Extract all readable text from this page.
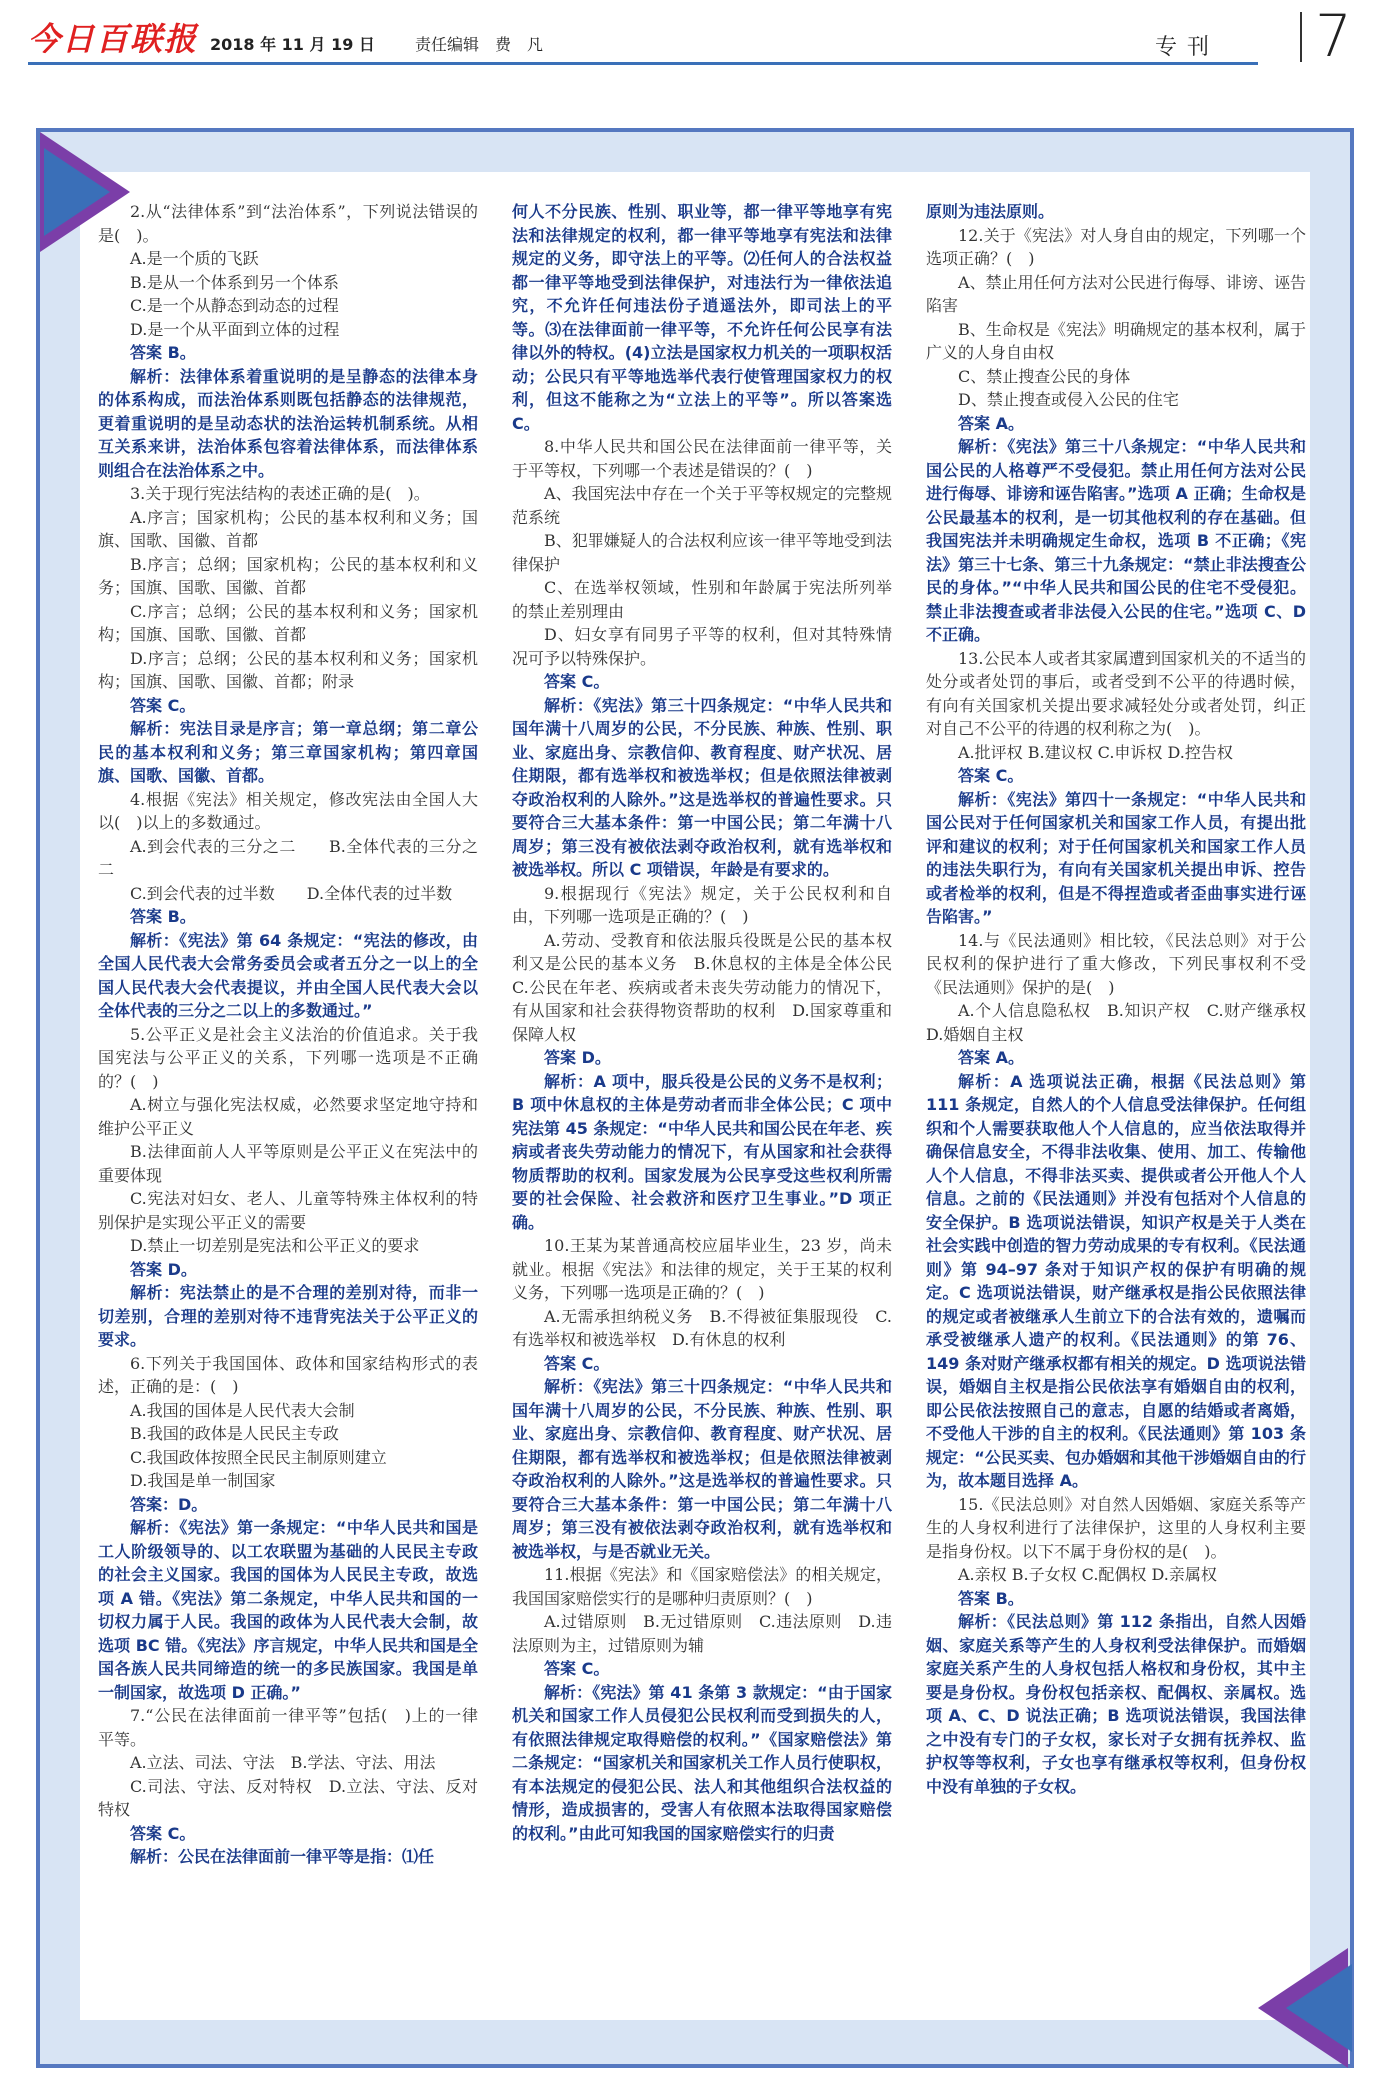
今日百联报 2018 年 11 月 19 日	责任编辑　费　凡	专刊 7

2.从“法律体系”到“法治体系”，下列说法错误的是(　)。

A.是一个质的飞跃

B.是从一个体系到另一个体系

C.是一个从静态到动态的过程

D.是一个从平面到立体的过程

答案 B。

解析：法律体系着重说明的是呈静态的法律本身的体系构成，而法治体系则既包括静态的法律规范，更着重说明的是呈动态状的法治运转机制系统。从相互关系来讲，法治体系包容着法律体系，而法律体系则组合在法治体系之中。

3.关于现行宪法结构的表述正确的是(　)。

A.序言；国家机构；公民的基本权利和义务；国旗、国歌、国徽、首都

B.序言；总纲；国家机构；公民的基本权利和义务；国旗、国歌、国徽、首都

C.序言；总纲；公民的基本权利和义务；国家机构；国旗、国歌、国徽、首都

D.序言；总纲；公民的基本权利和义务；国家机构；国旗、国歌、国徽、首都；附录

答案 C。

解析：宪法目录是序言；第一章总纲；第二章公民的基本权利和义务；第三章国家机构；第四章国旗、国歌、国徽、首都。

4.根据《宪法》相关规定，修改宪法由全国人大以(　)以上的多数通过。

A.到会代表的三分之二　　B.全体代表的三分之二

C.到会代表的过半数　　D.全体代表的过半数

答案 B。

解析：《宪法》第 64 条规定：“宪法的修改，由全国人民代表大会常务委员会或者五分之一以上的全国人民代表大会代表提议，并由全国人民代表大会以全体代表的三分之二以上的多数通过。”

5.公平正义是社会主义法治的价值追求。关于我国宪法与公平正义的关系，下列哪一选项是不正确的？(　)

A.树立与强化宪法权威，必然要求坚定地守持和维护公平正义

B.法律面前人人平等原则是公平正义在宪法中的重要体现

C.宪法对妇女、老人、儿童等特殊主体权利的特别保护是实现公平正义的需要

D.禁止一切差别是宪法和公平正义的要求

答案 D。

解析：宪法禁止的是不合理的差别对待，而非一切差别，合理的差别对待不违背宪法关于公平正义的要求。

6.下列关于我国国体、政体和国家结构形式的表述，正确的是：(　)

A.我国的国体是人民代表大会制

B.我国的政体是人民民主专政

C.我国政体按照全民民主制原则建立

D.我国是单一制国家

答案：D。

解析：《宪法》第一条规定：“中华人民共和国是工人阶级领导的、以工农联盟为基础的人民民主专政的社会主义国家。我国的国体为人民民主专政，故选项 A 错。《宪法》第二条规定，中华人民共和国的一切权力属于人民。我国的政体为人民代表大会制，故选项 BC 错。《宪法》序言规定，中华人民共和国是全国各族人民共同缔造的统一的多民族国家。我国是单一制国家，故选项 D 正确。”

7.“公民在法律面前一律平等”包括(　)上的一律平等。

A.立法、司法、守法　B.学法、守法、用法

C.司法、守法、反对特权　D.立法、守法、反对特权

答案 C。

解析：公民在法律面前一律平等是指：⑴任

何人不分民族、性别、职业等，都一律平等地享有宪法和法律规定的权利，都一律平等地享有宪法和法律规定的义务，即守法上的平等。⑵任何人的合法权益都一律平等地受到法律保护，对违法行为一律依法追究，不允许任何违法份子逍遥法外，即司法上的平等。⑶在法律面前一律平等，不允许任何公民享有法律以外的特权。(4)立法是国家权力机关的一项职权活动；公民只有平等地选举代表行使管理国家权力的权利，但这不能称之为“立法上的平等”。所以答案选 C。

8.中华人民共和国公民在法律面前一律平等，关于平等权，下列哪一个表述是错误的？(　)

A、我国宪法中存在一个关于平等权规定的完整规范系统

B、犯罪嫌疑人的合法权利应该一律平等地受到法律保护

C、在选举权领域，性别和年龄属于宪法所列举的禁止差别理由

D、妇女享有同男子平等的权利，但对其特殊情况可予以特殊保护。

答案 C。

解析：《宪法》第三十四条规定：“中华人民共和国年满十八周岁的公民，不分民族、种族、性别、职业、家庭出身、宗教信仰、教育程度、财产状况、居住期限，都有选举权和被选举权；但是依照法律被剥夺政治权利的人除外。”这是选举权的普遍性要求。只要符合三大基本条件：第一中国公民；第二年满十八周岁；第三没有被依法剥夺政治权利，就有选举权和被选举权。所以 C 项错误，年龄是有要求的。

9.根据现行《宪法》规定，关于公民权利和自由，下列哪一选项是正确的？(　)

A.劳动、受教育和依法服兵役既是公民的基本权利又是公民的基本义务　B.休息权的主体是全体公民　C.公民在年老、疾病或者未丧失劳动能力的情况下，有从国家和社会获得物资帮助的权利　D.国家尊重和保障人权

答案 D。

解析：A 项中，服兵役是公民的义务不是权利；B 项中休息权的主体是劳动者而非全体公民；C 项中宪法第 45 条规定：“中华人民共和国公民在年老、疾病或者丧失劳动能力的情况下，有从国家和社会获得物质帮助的权利。国家发展为公民享受这些权利所需要的社会保险、社会救济和医疗卫生事业。”D 项正确。

10.王某为某普通高校应届毕业生，23 岁，尚未就业。根据《宪法》和法律的规定，关于王某的权利义务，下列哪一选项是正确的？(　)

A.无需承担纳税义务　B.不得被征集服现役　C.有选举权和被选举权　D.有休息的权利

答案 C。

解析：《宪法》第三十四条规定：“中华人民共和国年满十八周岁的公民，不分民族、种族、性别、职业、家庭出身、宗教信仰、教育程度、财产状况、居住期限，都有选举权和被选举权；但是依照法律被剥夺政治权利的人除外。”这是选举权的普遍性要求。只要符合三大基本条件：第一中国公民；第二年满十八周岁；第三没有被依法剥夺政治权利，就有选举权和被选举权，与是否就业无关。

11.根据《宪法》和《国家赔偿法》的相关规定，我国国家赔偿实行的是哪种归责原则？(　)

A.过错原则　B.无过错原则　C.违法原则　D.违法原则为主，过错原则为辅

答案 C。

解析：《宪法》第 41 条第 3 款规定：“由于国家机关和国家工作人员侵犯公民权利而受到损失的人，有依照法律规定取得赔偿的权利。”《国家赔偿法》第二条规定：“国家机关和国家机关工作人员行使职权，有本法规定的侵犯公民、法人和其他组织合法权益的情形，造成损害的，受害人有依照本法取得国家赔偿的权利。”由此可知我国的国家赔偿实行的归责

原则为违法原则。

12.关于《宪法》对人身自由的规定，下列哪一个选项正确？(　)

A、禁止用任何方法对公民进行侮辱、诽谤、诬告陷害

B、生命权是《宪法》明确规定的基本权利，属于广义的人身自由权

C、禁止搜查公民的身体

D、禁止搜查或侵入公民的住宅

答案 A。

解析：《宪法》第三十八条规定：“中华人民共和国公民的人格尊严不受侵犯。禁止用任何方法对公民进行侮辱、诽谤和诬告陷害。”选项 A 正确；生命权是公民最基本的权利，是一切其他权利的存在基础。但我国宪法并未明确规定生命权，选项 B 不正确；《宪法》第三十七条、第三十九条规定：“禁止非法搜查公民的身体。”“中华人民共和国公民的住宅不受侵犯。禁止非法搜查或者非法侵入公民的住宅。”选项 C、D 不正确。

13.公民本人或者其家属遭到国家机关的不适当的处分或者处罚的事后，或者受到不公平的待遇时候，有向有关国家机关提出要求减轻处分或者处罚，纠正对自己不公平的待遇的权利称之为(　)。

A.批评权 B.建议权 C.申诉权 D.控告权

答案 C。

解析：《宪法》第四十一条规定：“中华人民共和国公民对于任何国家机关和国家工作人员，有提出批评和建议的权利；对于任何国家机关和国家工作人员的违法失职行为，有向有关国家机关提出申诉、控告或者检举的权利，但是不得捏造或者歪曲事实进行诬告陷害。”

14.与《民法通则》相比较，《民法总则》对于公民权利的保护进行了重大修改，下列民事权利不受《民法通则》保护的是(　)

A.个人信息隐私权　B.知识产权　C.财产继承权　D.婚姻自主权

答案 A。

解析：A 选项说法正确，根据《民法总则》第 111 条规定，自然人的个人信息受法律保护。任何组织和个人需要获取他人个人信息的，应当依法取得并确保信息安全，不得非法收集、使用、加工、传输他人个人信息，不得非法买卖、提供或者公开他人个人信息。之前的《民法通则》并没有包括对个人信息的安全保护。B 选项说法错误，知识产权是关于人类在社会实践中创造的智力劳动成果的专有权利。《民法通则》第 94–97 条对于知识产权的保护有明确的规定。C 选项说法错误，财产继承权是指公民依照法律的规定或者被继承人生前立下的合法有效的，遗嘱而承受被继承人遗产的权利。《民法通则》的第 76、149 条对财产继承权都有相关的规定。D 选项说法错误，婚姻自主权是指公民依法享有婚姻自由的权利，即公民依法按照自己的意志，自愿的结婚或者离婚，不受他人干涉的自主的权利。《民法通则》第 103 条规定：“公民买卖、包办婚姻和其他干涉婚姻自由的行为，故本题目选择 A。

15.《民法总则》对自然人因婚姻、家庭关系等产生的人身权利进行了法律保护，这里的人身权利主要是指身份权。以下不属于身份权的是(　)。

A.亲权 B.子女权 C.配偶权 D.亲属权

答案 B。

解析：《民法总则》第 112 条指出，自然人因婚姻、家庭关系等产生的人身权利受法律保护。而婚姻家庭关系产生的人身权包括人格权和身份权，其中主要是身份权。身份权包括亲权、配偶权、亲属权。选项 A、C、D 说法正确；B 选项说法错误，我国法律之中没有专门的子女权，家长对子女拥有抚养权、监护权等等权利，子女也享有继承权等权利，但身份权中没有单独的子女权。
